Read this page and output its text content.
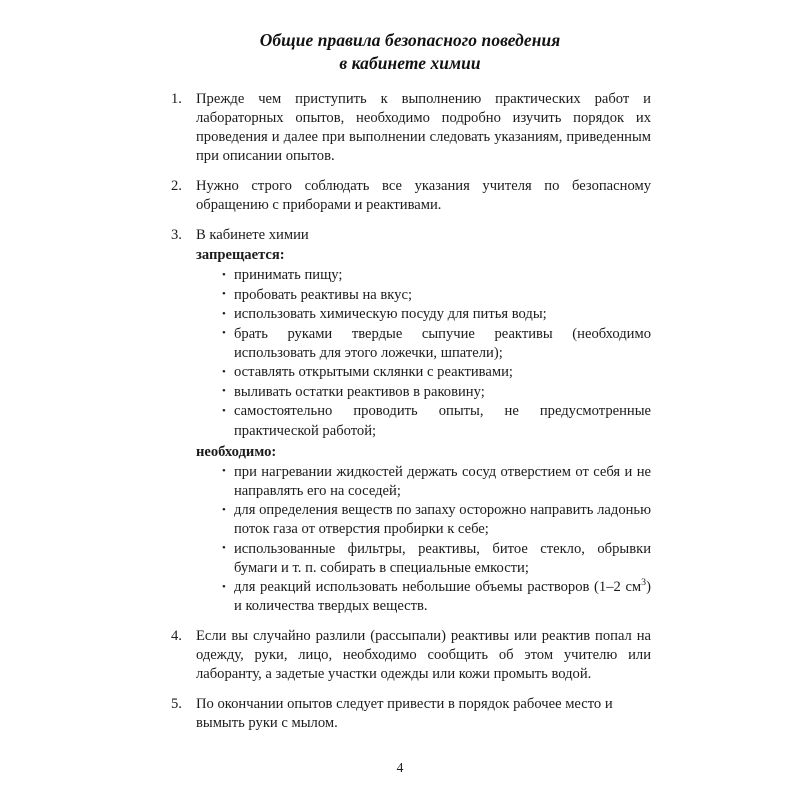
Общие правила безопасного поведения
в кабинете химии
1. Прежде чем приступить к выполнению практических работ и лабораторных опытов, необходимо подробно изучить порядок их проведения и далее при выполнении следовать указаниям, приведенным при описании опытов.
2. Нужно строго соблюдать все указания учителя по безопасному обращению с приборами и реактивами.
3. В кабинете химии
запрещается:
• принимать пищу;
• пробовать реактивы на вкус;
• использовать химическую посуду для питья воды;
• брать руками твердые сыпучие реактивы (необходимо использовать для этого ложечки, шпатели);
• оставлять открытыми склянки с реактивами;
• выливать остатки реактивов в раковину;
• самостоятельно проводить опыты, не предусмотренные практической работой;
необходимо:
• при нагревании жидкостей держать сосуд отверстием от себя и не направлять его на соседей;
• для определения веществ по запаху осторожно направить ладонью поток газа от отверстия пробирки к себе;
• использованные фильтры, реактивы, битое стекло, обрывки бумаги и т. п. собирать в специальные емкости;
• для реакций использовать небольшие объемы растворов (1–2 $см^3$) и количества твердых веществ.
4. Если вы случайно разлили (рассыпали) реактивы или реактив попал на одежду, руки, лицо, необходимо сообщить об этом учителю или лаборанту, а задетые участки одежды или кожи промыть водой.
5. По окончании опытов следует привести в порядок рабочее место и вымыть руки с мылом.
4
